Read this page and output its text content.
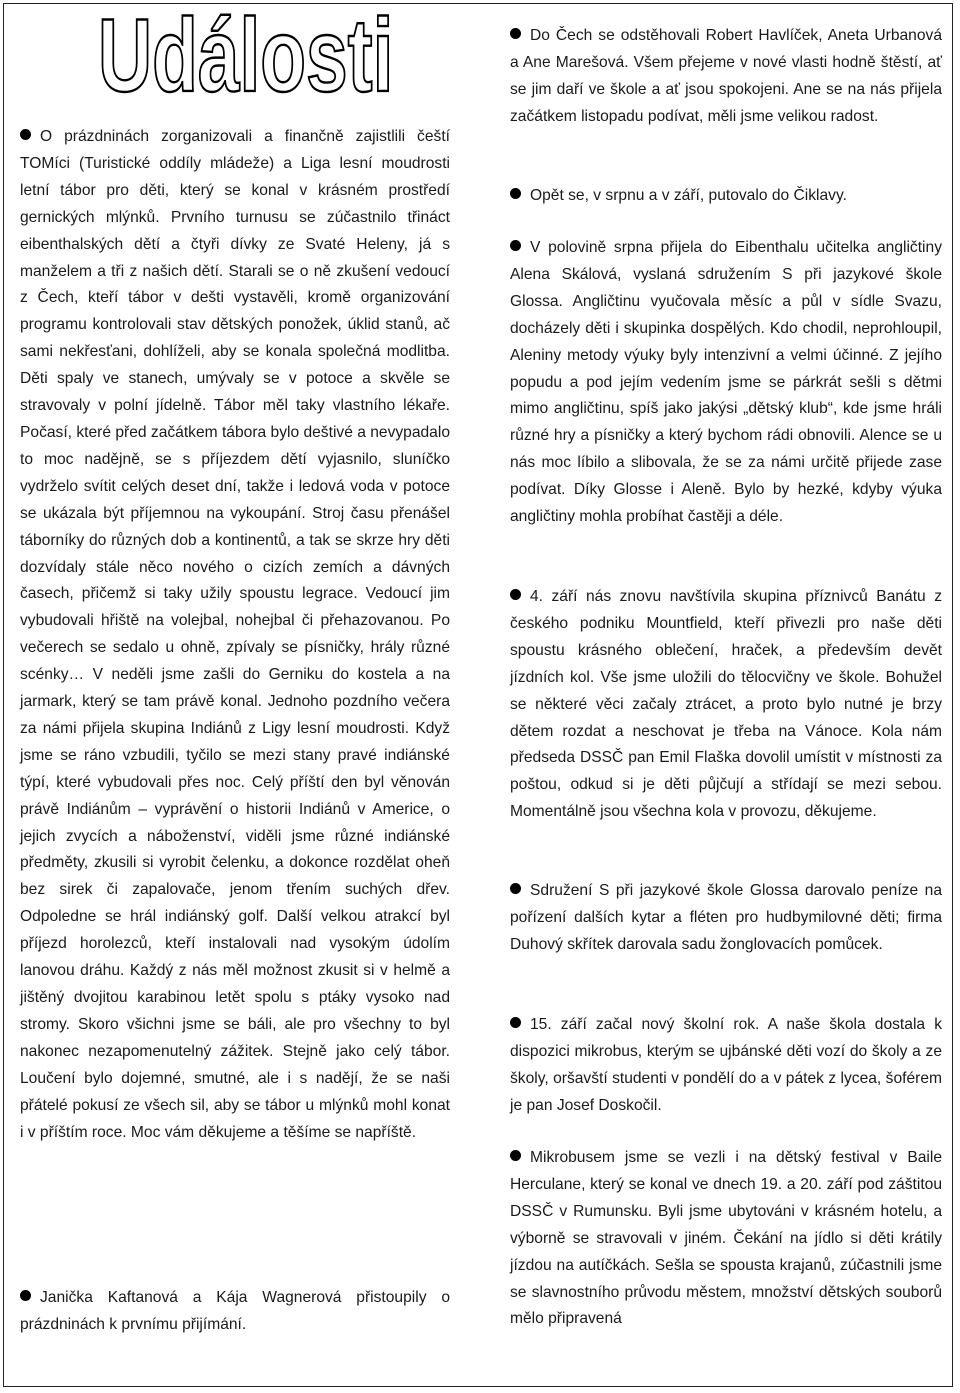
Události

O prázdninách zorganizovali a finančně zajistlili čeští TOMíci (Turistické oddíly mládeže) a Liga lesní moudrosti letní tábor pro děti, který se konal v krásném prostředí gernických mlýnků. Prvního turnusu se zúčastnilo třináct eibenthalských dětí a čtyři dívky ze Svaté Heleny, já s manželem a tři z našich dětí. Starali se o ně zkušení vedoucí z Čech, kteří tábor v dešti vystavěli, kromě organizování programu kontrolovali stav dětských ponožek, úklid stanů, ač sami nekřesťani, dohlíželi, aby se konala společná modlitba. Děti spaly ve stanech, umývaly se v potoce a skvěle se stravovaly v polní jídelně. Tábor měl taky vlastního lékaře. Počasí, které před začátkem tábora bylo deštivé a nevypadalo to moc nadějně, se s příjezdem dětí vyjasnilo, sluníčko vydrželo svítit celých deset dní, takže i ledová voda v potoce se ukázala být příjemnou na vykoupání. Stroj času přenášel táborníky do různých dob a kontinentů, a tak se skrze hry děti dozvídaly stále něco nového o cizích zemích a dávných časech, přičemž si taky užily spoustu legrace. Vedoucí jim vybudovali hřiště na volejbal, nohejbal či přehazovanou. Po večerech se sedalo u ohně, zpívaly se písničky, hrály různé scénky… V neděli jsme zašli do Gerniku do kostela a na jarmark, který se tam právě konal. Jednoho pozdního večera za námi přijela skupina Indiánů z Ligy lesní moudrosti. Když jsme se ráno vzbudili, tyčilo se mezi stany pravé indiánské týpí, které vybudovali přes noc. Celý příští den byl věnován právě Indiánům – vyprávění o historii Indiánů v Americe, o jejich zvycích a náboženství, viděli jsme různé indiánské předměty, zkusili si vyrobit čelenku, a dokonce rozdělat oheň bez sirek či zapalovače, jenom třením suchých dřev. Odpoledne se hrál indiánský golf. Další velkou atrakcí byl příjezd horolezců, kteří instalovali nad vysokým údolím lanovou dráhu. Každý z nás měl možnost zkusit si v helmě a jištěný dvojitou karabinou letět spolu s ptáky vysoko nad stromy. Skoro všichni jsme se báli, ale pro všechny to byl nakonec nezapomenutelný zážitek. Stejně jako celý tábor. Loučení bylo dojemné, smutné, ale i s nadějí, že se naši přátelé pokusí ze všech sil, aby se tábor u mlýnků mohl konat i v příštím roce. Moc vám děkujeme a těšíme se napříště.

Janička Kaftanová a Kája Wagnerová přistoupily o prázdninách k prvnímu přijímání.

Do Čech se odstěhovali Robert Havlíček, Aneta Urbanová a Ane Marešová. Všem přejeme v nové vlasti hodně štěstí, ať se jim daří ve škole a ať jsou spokojeni. Ane se na nás přijela začátkem listopadu podívat, měli jsme velikou radost.

Opět se, v srpnu a v září, putovalo do Čiklavy.

V polovině srpna přijela do Eibenthalu učitelka angličtiny Alena Skálová, vyslaná sdružením S při jazykové škole Glossa. Angličtinu vyučovala měsíc a půl v sídle Svazu, docházely děti i skupinka dospělých. Kdo chodil, neprohloupil, Aleniny metody výuky byly intenzivní a velmi účinné. Z jejího popudu a pod jejím vedením jsme se párkrát sešli s dětmi mimo angličtinu, spíš jako jakýsi „dětský klub“, kde jsme hráli různé hry a písničky a který bychom rádi obnovili. Alence se u nás moc líbilo a slibovala, že se za námi určitě přijede zase podívat. Díky Glosse i Aleně. Bylo by hezké, kdyby výuka angličtiny mohla probíhat častěji a déle.

4. září nás znovu navštívila skupina příznivců Banátu z českého podniku Mountfield, kteří přivezli pro naše děti spoustu krásného oblečení, hraček, a především devět jízdních kol. Vše jsme uložili do tělocvičny ve škole. Bohužel se některé věci začaly ztrácet, a proto bylo nutné je brzy dětem rozdat a neschovat je třeba na Vánoce. Kola nám předseda DSSČ pan Emil Flaška dovolil umístit v místnosti za poštou, odkud si je děti půjčují a střídají se mezi sebou. Momentálně jsou všechna kola v provozu, děkujeme.

Sdružení S při jazykové škole Glossa darovalo peníze na pořízení dalších kytar a fléten pro hudbymilovné děti; firma Duhový skřítek darovala sadu žonglovacích pomůcek.

15. září začal nový školní rok. A naše škola dostala k dispozici mikrobus, kterým se ujbánské děti vozí do školy a ze školy, oršavští studenti v pondělí do a v pátek z lycea, šoférem je pan Josef Doskočil.

Mikrobusem jsme se vezli i na dětský festival v Baile Herculane, který se konal ve dnech 19. a 20. září pod záštitou DSSČ v Rumunsku. Byli jsme ubytováni v krásném hotelu, a výborně se stravovali v jiném. Čekání na jídlo si děti krátily jízdou na autíčkách. Sešla se spousta krajanů, zúčastnili jsme se slavnostního průvodu městem, množství dětských souborů mělo připravená
